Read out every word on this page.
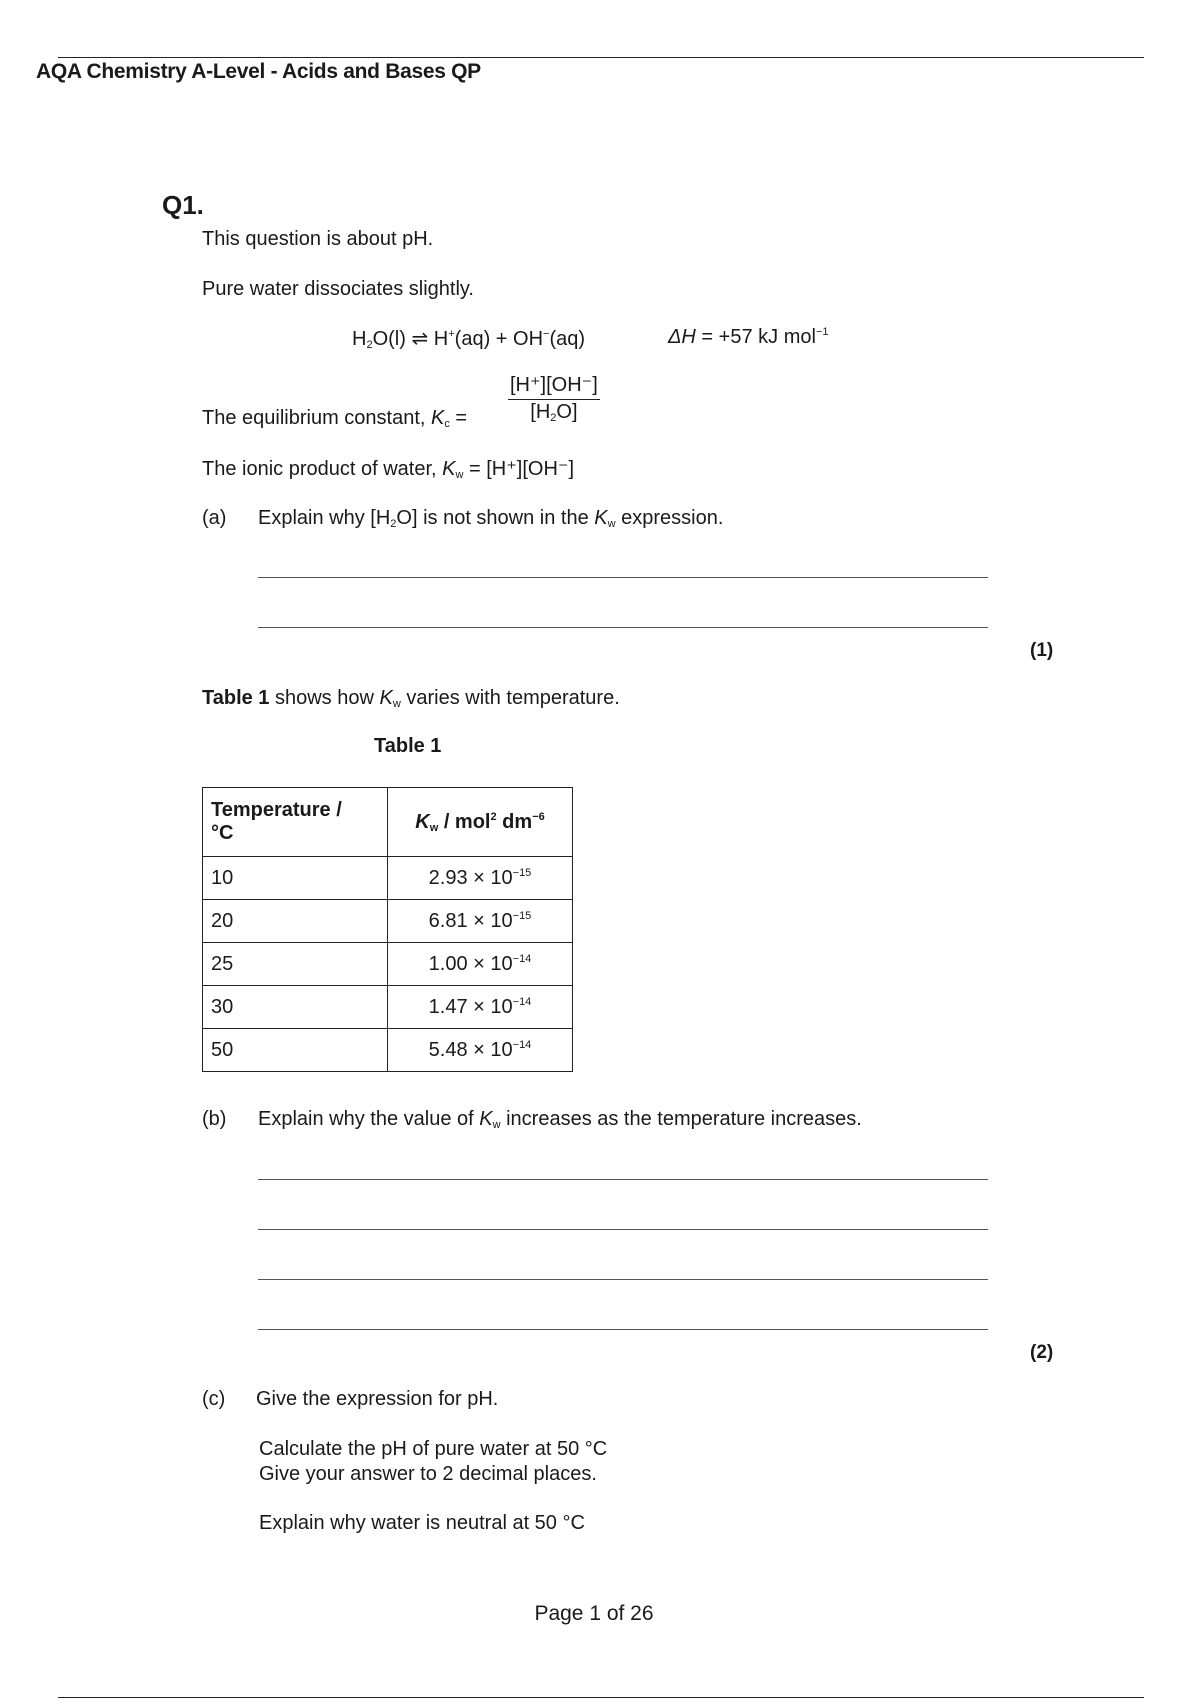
AQA Chemistry A-Level - Acids and Bases QP
Q1.
This question is about pH.
Pure water dissociates slightly.
$H_2O(l)$ ⇌ H+(aq) + OH−(aq)	ΔH = +57 kJ mol$^{-1}$
The equilibrium constant, $K_c = \frac{[H^+][OH^-]}{[H_2O]}$
The ionic product of water, $K_w = [H^+][OH^-]$
(a) Explain why $[H_2O]$ is not shown in the $K_w$ expression.
(1)
Table 1 shows how $K_w$ varies with temperature.
Table 1
Temperature /
°C	$K_w / mol^2$ $dm^{-6}$
10	$2.93 \times 10^{-15}$
20	$6.81 \times 10^{-15}$
25	$1.00 \times 10^{-14}$
30	$1.47 \times 10^{-14}$
50	$5.48 \times 10^{-14}$
(b) Explain why the value of $K_w$ increases as the temperature increases.
(2)
(c) Give the expression for pH.
Calculate the pH of pure water at 50 °C
Give your answer to 2 decimal places.
Explain why water is neutral at 50 °C
Page 1 of 26
